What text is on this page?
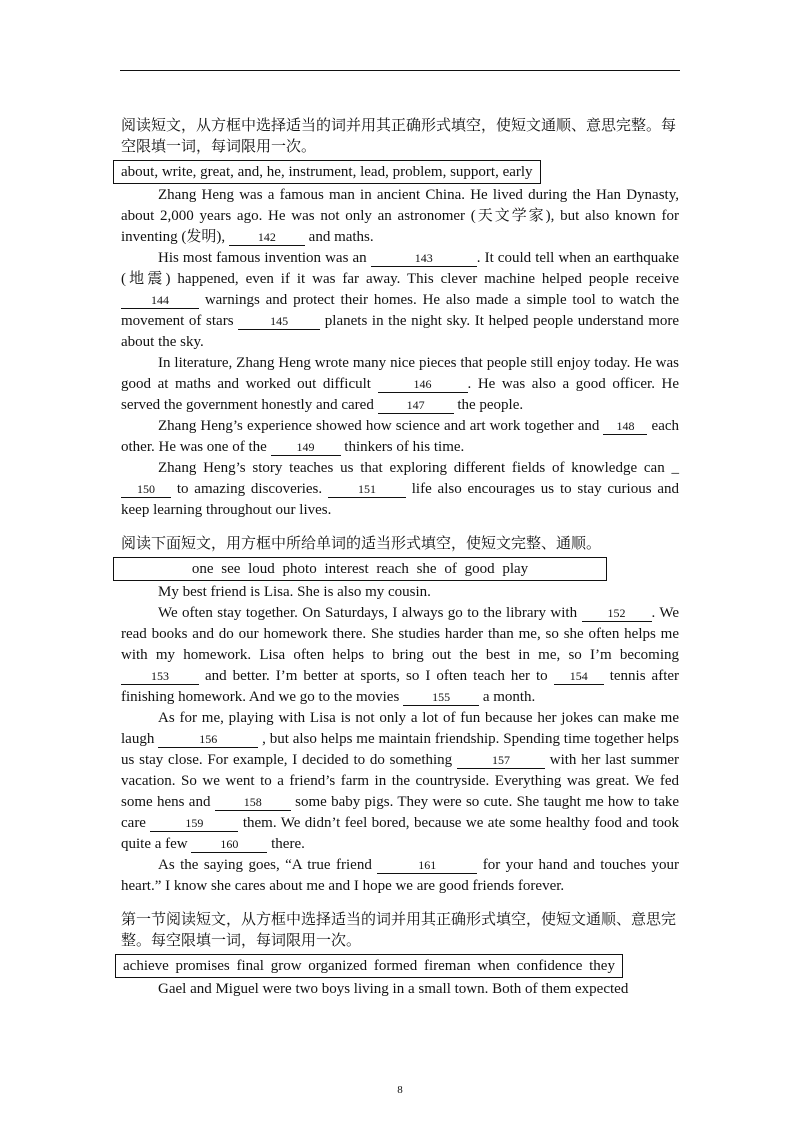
阅读短文，从方框中选择适当的词并用其正确形式填空，使短文通顺、意思完整。每空限填一词，每词限用一次。

about, write, great, and, he, instrument, lead, problem, support, early

Zhang Heng was a famous man in ancient China. He lived during the Han Dynasty, about 2,000 years ago. He was not only an astronomer (天文学家), but also known for inventing (发明),	142 and maths.

His most famous invention was an	143	. It could tell when an earthquake (地震) happened, even if it was far away. This clever machine helped people receive 144 warnings and protect their homes. He also made a simple tool to watch the movement of stars	145 planets in the night sky. It helped people understand more about the sky.

In literature, Zhang Heng wrote many nice pieces that people still enjoy today. He was good at maths and worked out difficult	146 . He was also a good officer. He served the government honestly and cared	147 the people.

Zhang Heng’s experience showed how science and art work together and 148 each other. He was one of the 149 thinkers of his time.

Zhang Heng’s story teaches us that exploring different fields of knowledge can _ 150 to amazing discoveries.	151 life also encourages us to stay curious and keep learning throughout our lives.

阅读下面短文，用方框中所给单词的适当形式填空，使短文完整、通顺。

one see loud photo interest reach she of good play

My best friend is Lisa. She is also my cousin.

We often stay together. On Saturdays, I always go to the library with	152 . We read books and do our homework there. She studies harder than me, so she often helps me with my homework. Lisa often helps to bring out the best in me, so I’m becoming 153 and better. I’m better at sports, so I often teach her to 154 tennis after finishing homework. And we go to the movies	155 a month.

As for me, playing with Lisa is not only a lot of fun because her jokes can make me laugh	156	, but also helps me maintain friendship. Spending time together helps us stay close. For example, I decided to do something	157	with her last summer vacation. So we went to a friend’s farm in the countryside. Everything was great. We fed some hens and	158 some baby pigs. They were so cute. She taught me how to take care	159	them. We didn’t feel bored, because we ate some healthy food and took quite a few	160 there.

As the saying goes, “A true friend	161	for your hand and touches your heart.” I know she cares about me and I hope we are good friends forever.

第一节阅读短文，从方框中选择适当的词并用其正确形式填空，使短文通顺、意思完整。每空限填一词，每词限用一次。

achieve promises final grow organized formed fireman when confidence they

Gael and Miguel were two boys living in a small town. Both of them expected

8
